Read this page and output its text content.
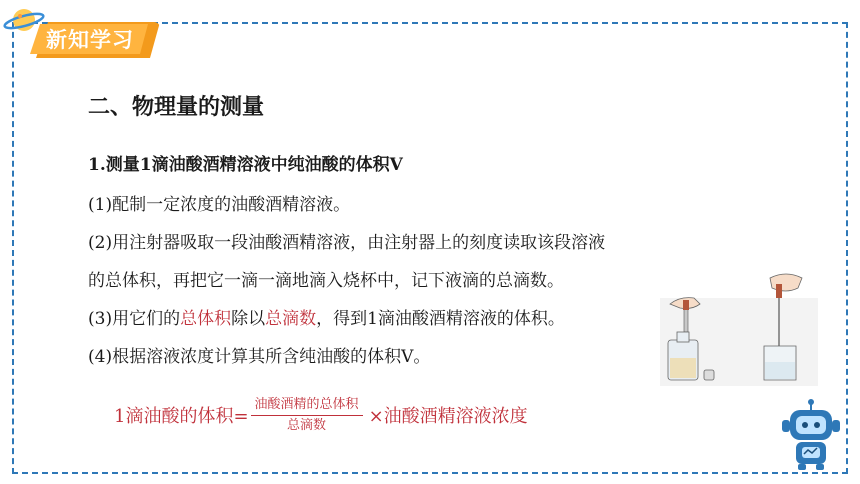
新知学习
二、物理量的测量
1.测量1滴油酸酒精溶液中纯油酸的体积V
(1)配制一定浓度的油酸酒精溶液。
(2)用注射器吸取一段油酸酒精溶液，由注射器上的刻度读取该段溶液
的总体积，再把它一滴一滴地滴入烧杯中，记下液滴的总滴数。
(3)用它们的总体积除以总滴数，得到1滴油酸酒精溶液的体积。
(4)根据溶液浓度计算其所含纯油酸的体积V。
1滴油酸的体积= $\frac{\text{油酸酒精的总体积}}{\text{总滴数}}$ ×油酸酒精溶液浓度
